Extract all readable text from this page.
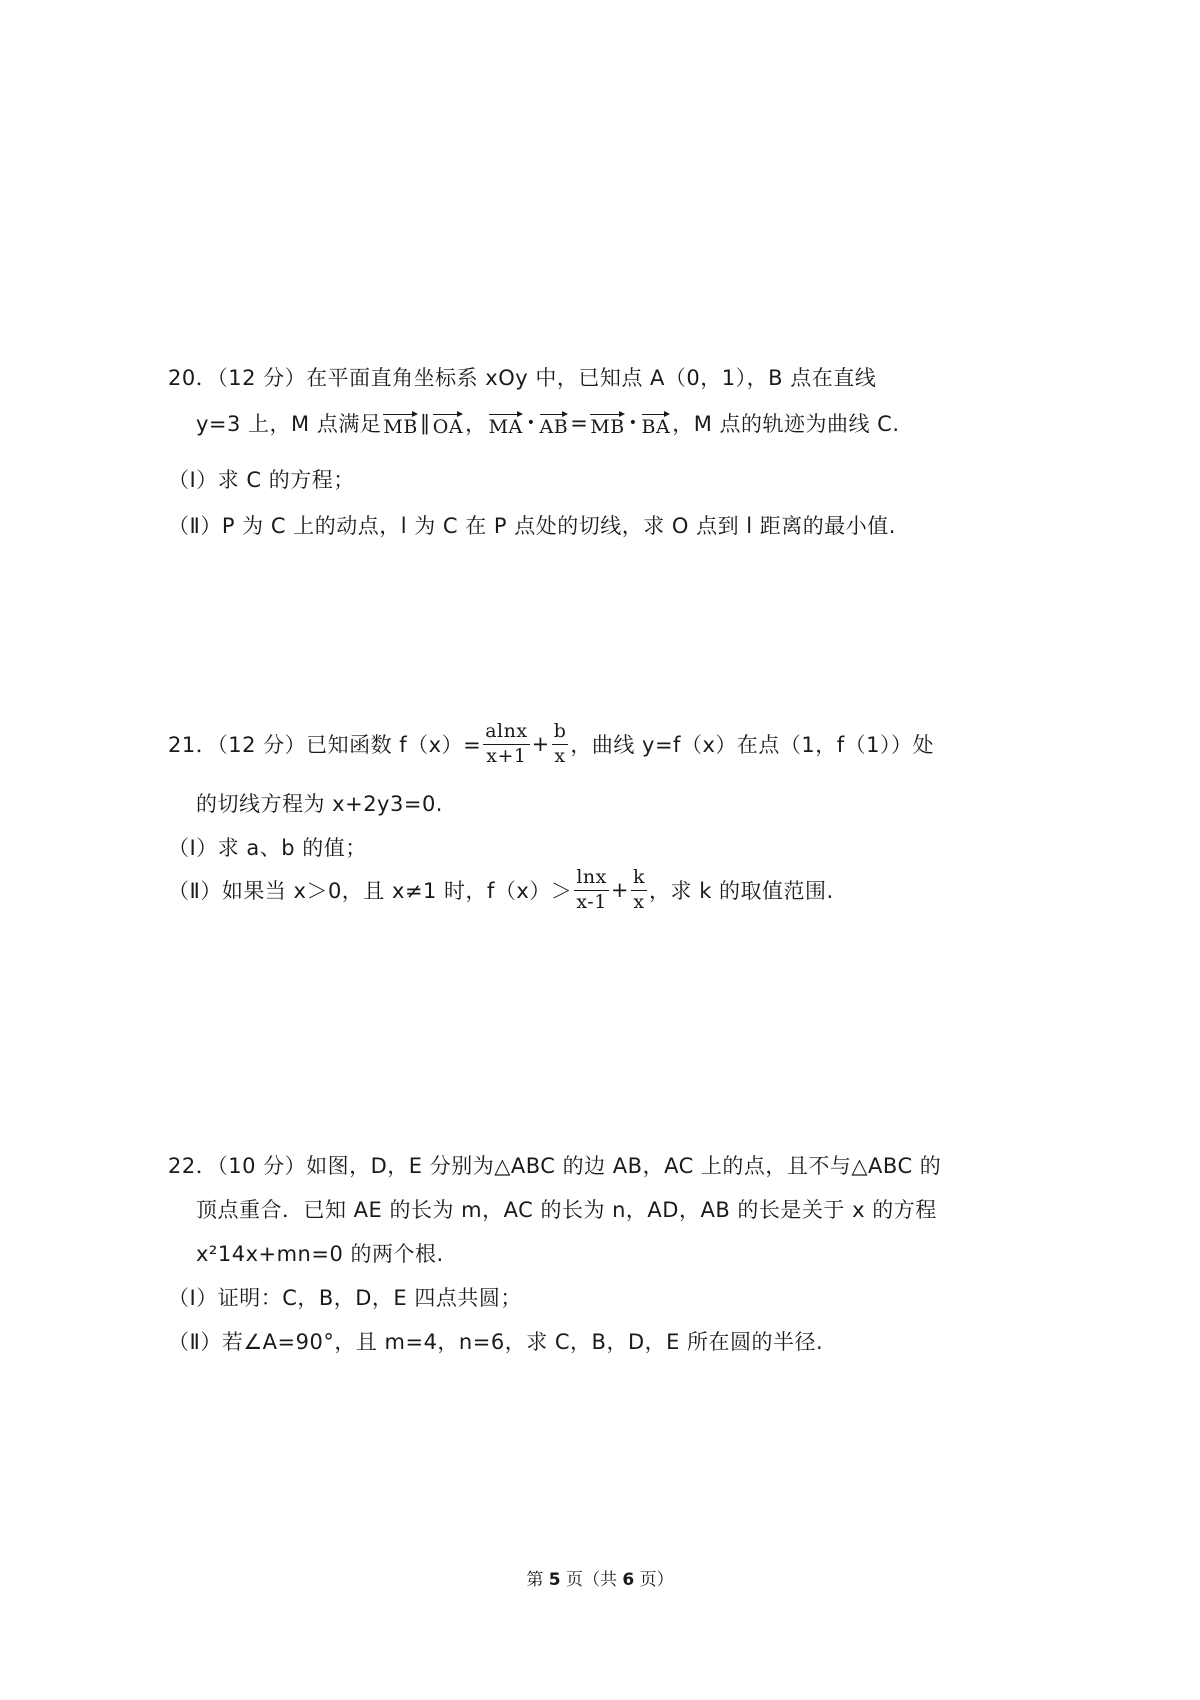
20．（12 分）在平面直角坐标系 xOy 中，已知点 A（0，﻿1），B 点在直线
y=﻿3 上，M 点满足 MB ∥ OA ， MA • AB = MB • BA ，M 点的轨迹为曲线 C.
（Ⅰ）求 C 的方程；
（Ⅱ）P 为 C 上的动点，l 为 C 在 P 点处的切线，求 O 点到 l 距离的最小值.
21．（12 分）已知函数 $f(x)= \frac{alnx}{x+1} + \frac{b}{x}$ ，曲线 y=f（x）在点（1，f（1））处
的切线方程为 x+2y﻿3=0.
（Ⅰ）求 a、b 的值；
（Ⅱ）如果当 x＞0，且 x≠1 时，$f(x)> \frac{\ln x}{x-1} + \frac{k}{x}$ ，求 k 的取值范围.
22．（10 分）如图，D，E 分别为△ABC 的边 AB，AC 上的点，且不与△ABC 的
顶点重合．已知 AE 的长为 m，AC 的长为 n，AD，AB 的长是关于 x 的方程
x²﻿14x+mn=0 的两个根.
（Ⅰ）证明：C，B，D，E 四点共圆；
（Ⅱ）若∠A=90°，且 m=4，n=6，求 C，B，D，E 所在圆的半径.
第 5 页（共 6 页）
